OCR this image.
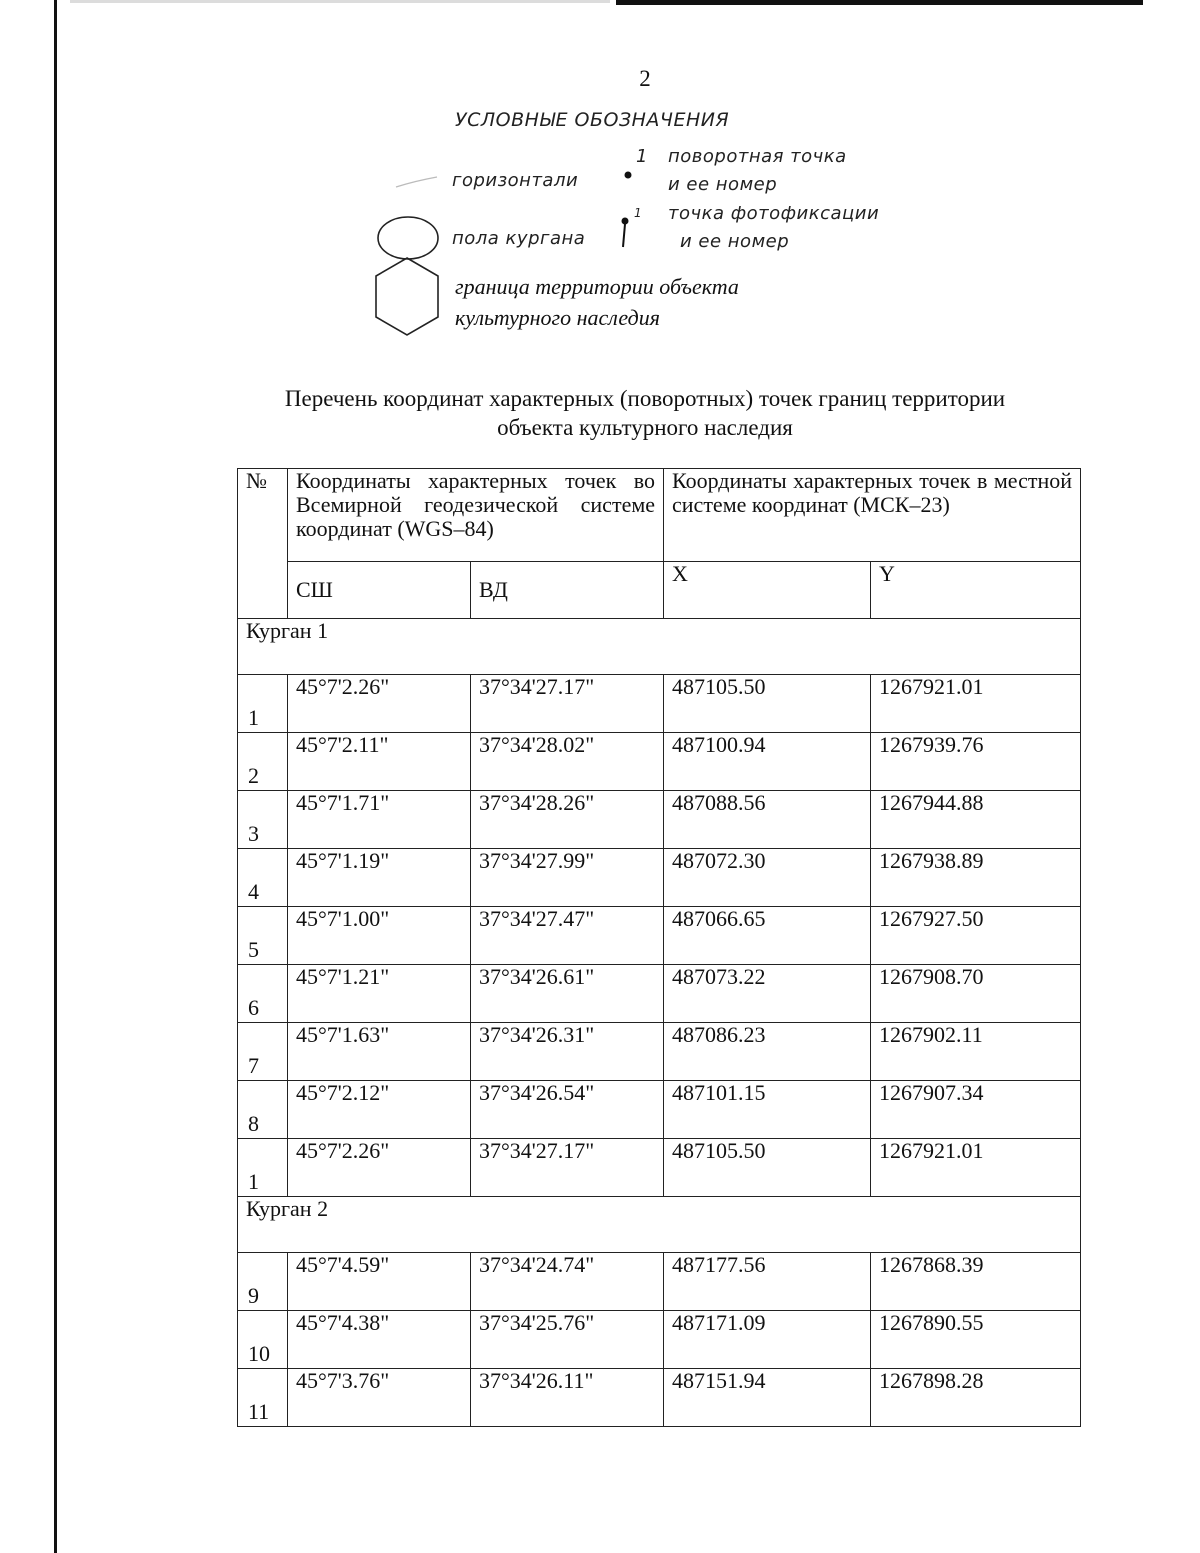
2
УСЛОВНЫЕ ОБОЗНАЧЕНИЯ
горизонтали
1 поворотная точка
и ее номер
пола кургана
1 точка фотофиксации
и ее номер
граница территории объекта
культурного наследия
Перечень координат характерных (поворотных) точек границ территории
объекта культурного наследия
№	Координаты характерных точек во Всемирной геодезической системе координат (WGS–84)		Координаты характерных точек в местной системе координат (МСК–23)	
	СШ	ВД	X	Y
Курган 1				
1	45°7'2.26"	37°34'27.17"	487105.50	1267921.01
2	45°7'2.11"	37°34'28.02"	487100.94	1267939.76
3	45°7'1.71"	37°34'28.26"	487088.56	1267944.88
4	45°7'1.19"	37°34'27.99"	487072.30	1267938.89
5	45°7'1.00"	37°34'27.47"	487066.65	1267927.50
6	45°7'1.21"	37°34'26.61"	487073.22	1267908.70
7	45°7'1.63"	37°34'26.31"	487086.23	1267902.11
8	45°7'2.12"	37°34'26.54"	487101.15	1267907.34
1	45°7'2.26"	37°34'27.17"	487105.50	1267921.01
Курган 2				
9	45°7'4.59"	37°34'24.74"	487177.56	1267868.39
10	45°7'4.38"	37°34'25.76"	487171.09	1267890.55
11	45°7'3.76"	37°34'26.11"	487151.94	1267898.28
